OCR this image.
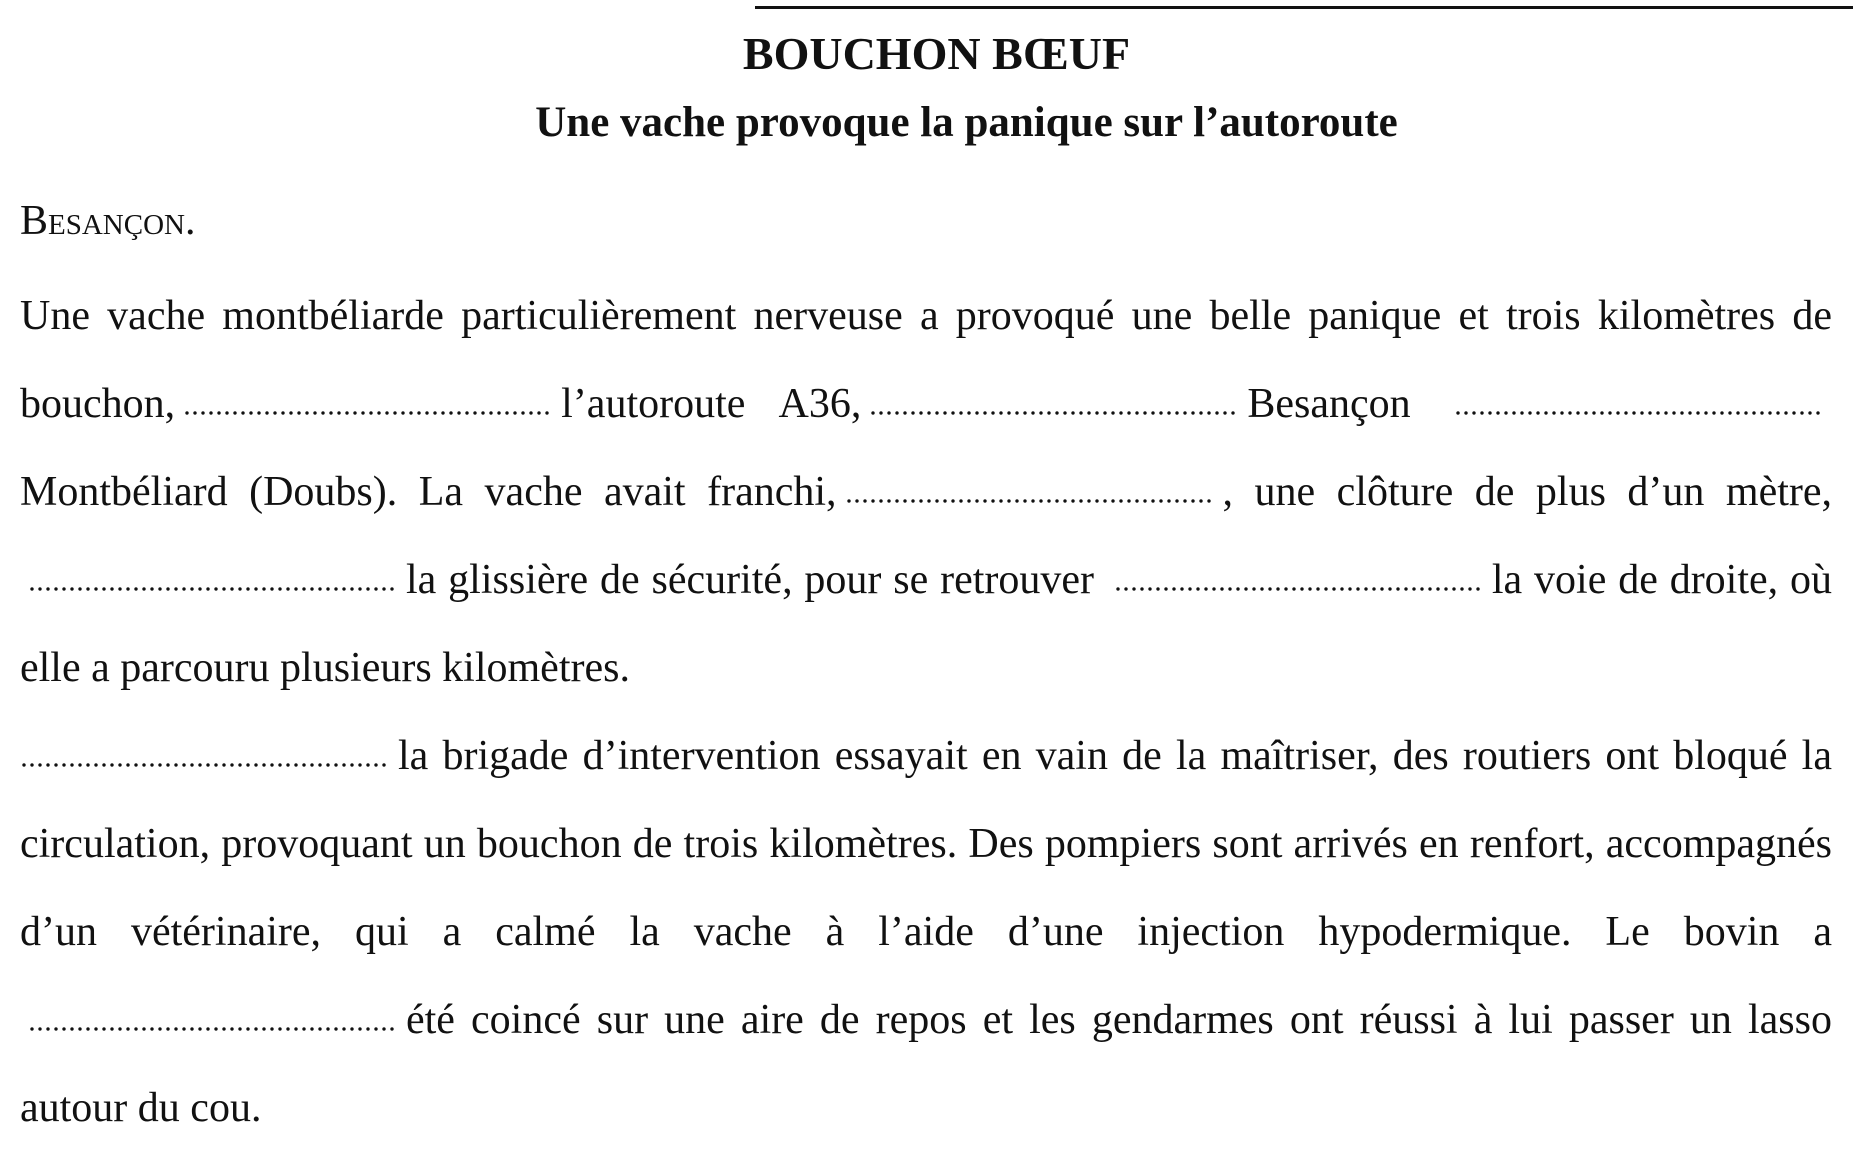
BOUCHON BŒUF
Une vache provoque la panique sur l’autoroute
Besançon.
Une vache montbéliarde particulièrement nerveuse a provoqué une belle panique et trois kilomètres de bouchon,	l’autoroute A36,	Besançon Montbéliard (Doubs). La vache avait franchi,	, une clôture de plus d’un mètre,la glissière de sécurité, pour se retrouver	la voie de droite, où elle a parcouru plusieurs kilomètres.
la brigade d’intervention essayait en vain de la maîtriser, des routiers ont bloqué la circulation, provoquant un bouchon de trois kilomètres. Des pompiers sont arrivés en renfort, accompagnés d’un vétérinaire, qui a calmé la vache à l’aide d’une injection hypodermique. Le bovin aété coincé sur une aire de repos et les gendarmes ont réussi à lui passer un lasso autour du cou.
